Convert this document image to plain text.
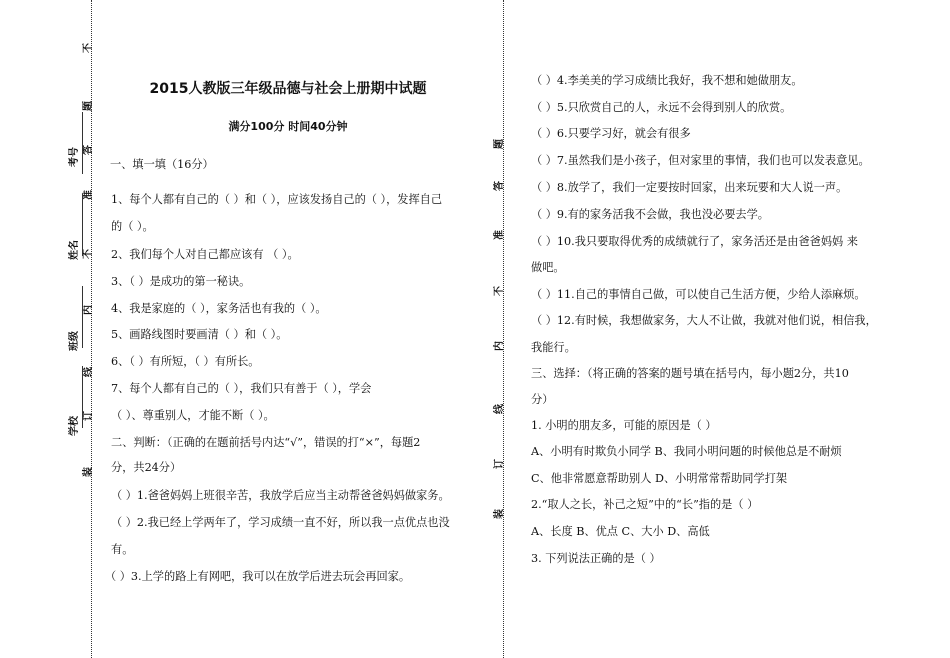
不
题
答
准
不
内
线
订
装
考号
姓名
班级
学校
题
答
准
不
内
线
订
装
2015人教版三年级品德与社会上册期中试题
满分100分 时间40分钟
一、填一填（16分）
1、每个人都有自己的（ ）和（ ），应该发扬自己的（ ），发挥自己
的（ ）。
2、我们每个人对自己都应该有 （ ）。
3、（ ）是成功的第一秘诀。
4、我是家庭的（ ），家务活也有我的（ ）。
5、画路线图时要画清（ ）和（ ）。
6、（ ）有所短，（ ）有所长。
7、每个人都有自己的（ ），我们只有善于（ ），学会
（ ）、尊重别人，才能不断（ ）。
二、判断：（正确的在题前括号内达“√”，错误的打“×”，每题2
分，共24分）
（ ）1.爸爸妈妈上班很辛苦，我放学后应当主动帮爸爸妈妈做家务。
（ ）2.我已经上学两年了，学习成绩一直不好，所以我一点优点也没
有。
（ ）3.上学的路上有网吧，我可以在放学后进去玩会再回家。
（ ）4.李美美的学习成绩比我好，我不想和她做朋友。
（ ）5.只欣赏自己的人，永远不会得到别人的欣赏。
（ ）6.只要学习好，就会有很多
（ ）7.虽然我们是小孩子，但对家里的事情，我们也可以发表意见。
（ ）8.放学了，我们一定要按时回家，出来玩要和大人说一声。
（ ）9.有的家务活我不会做，我也没必要去学。
（ ）10.我只要取得优秀的成绩就行了，家务活还是由爸爸妈妈 来
做吧。
（ ）11.自己的事情自己做，可以使自己生活方便，少给人添麻烦。
（ ）12.有时候，我想做家务，大人不让做，我就对他们说，相信我，
我能行。
三、选择：（将正确的答案的题号填在括号内，每小题2分，共10
分）
1. 小明的朋友多，可能的原因是（ ）
A、小明有时欺负小同学 B、我同小明问题的时候他总是不耐烦
C、他非常愿意帮助别人 D、小明常常帮助同学打架
2.“取人之长，补己之短”中的“长”指的是（ ）
A、长度 B、优点 C、大小 D、高低
3. 下列说法正确的是（ ）
